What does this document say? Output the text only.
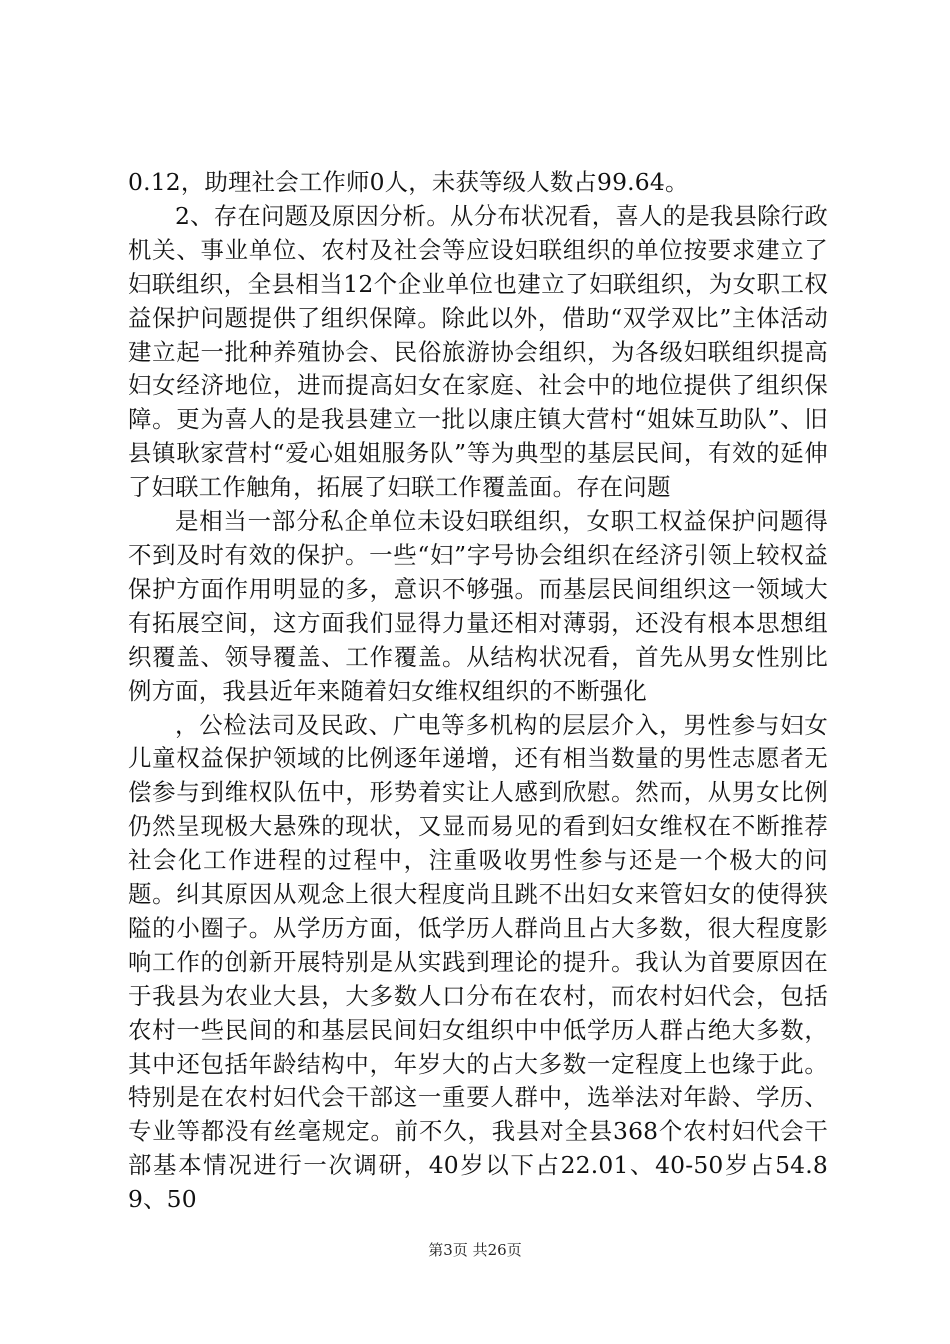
0.12，助理社会工作师0人，未获等级人数占99.64。

2、存在问题及原因分析。从分布状况看，喜人的是我县除行政机关、事业单位、农村及社会等应设妇联组织的单位按要求建立了妇联组织，全县相当12个企业单位也建立了妇联组织，为女职工权益保护问题提供了组织保障。除此以外，借助“双学双比”主体活动建立起一批种养殖协会、民俗旅游协会组织，为各级妇联组织提高妇女经济地位，进而提高妇女在家庭、社会中的地位提供了组织保障。更为喜人的是我县建立一批以康庄镇大营村“姐妹互助队”、旧县镇耿家营村“爱心姐姐服务队”等为典型的基层民间，有效的延伸了妇联工作触角，拓展了妇联工作覆盖面。存在问题

是相当一部分私企单位未设妇联组织，女职工权益保护问题得不到及时有效的保护。一些“妇”字号协会组织在经济引领上较权益保护方面作用明显的多，意识不够强。而基层民间组织这一领域大有拓展空间，这方面我们显得力量还相对薄弱，还没有根本思想组织覆盖、领导覆盖、工作覆盖。从结构状况看，首先从男女性别比例方面，我县近年来随着妇女维权组织的不断强化

，公检法司及民政、广电等多机构的层层介入，男性参与妇女儿童权益保护领域的比例逐年递增，还有相当数量的男性志愿者无偿参与到维权队伍中，形势着实让人感到欣慰。然而，从男女比例仍然呈现极大悬殊的现状，又显而易见的看到妇女维权在不断推荐社会化工作进程的过程中，注重吸收男性参与还是一个极大的问题。纠其原因从观念上很大程度尚且跳不出妇女来管妇女的使得狭隘的小圈子。从学历方面，低学历人群尚且占大多数，很大程度影响工作的创新开展特别是从实践到理论的提升。我认为首要原因在于我县为农业大县，大多数人口分布在农村，而农村妇代会，包括农村一些民间的和基层民间妇女组织中中低学历人群占绝大多数，其中还包括年龄结构中，年岁大的占大多数一定程度上也缘于此。特别是在农村妇代会干部这一重要人群中，选举法对年龄、学历、专业等都没有丝毫规定。前不久，我县对全县368个农村妇代会干部基本情况进行一次调研，40岁以下占22.01、40-50岁占54.89、50

第3页 共26页
